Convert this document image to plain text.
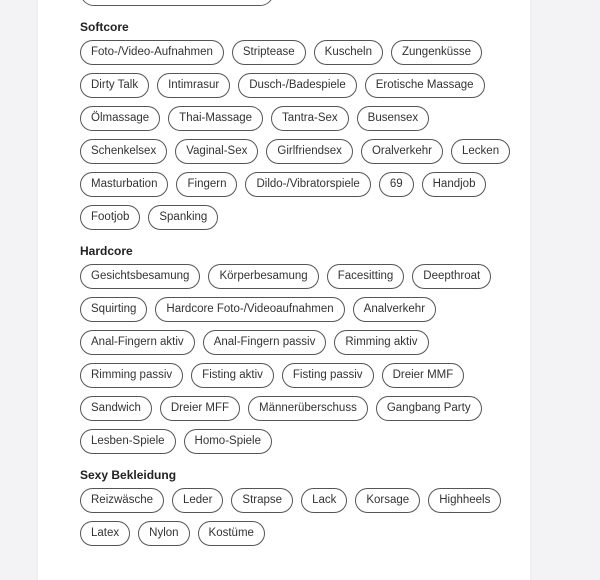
Softcore
Foto-/Video-Aufnahmen	Striptease	Kuscheln	Zungenküsse
Dirty Talk	Intimrasur	Dusch-/Badespiele	Erotische Massage
Ölmassage	Thai-Massage	Tantra-Sex	Busensex
Schenkelsex	Vaginal-Sex	Girlfriendsex	Oralverkehr	Lecken
Masturbation	Fingern	Dildo-/Vibratorspiele	69	Handjob
Footjob	Spanking
Hardcore
Gesichtsbesamung	Körperbesamung	Facesitting	Deepthroat
Squirting	Hardcore Foto-/Videoaufnahmen	Analverkehr
Anal-Fingern aktiv	Anal-Fingern passiv	Rimming aktiv
Rimming passiv	Fisting aktiv	Fisting passiv	Dreier MMF
Sandwich	Dreier MFF	Männerüberschuss	Gangbang Party
Lesben-Spiele	Homo-Spiele
Sexy Bekleidung
Reizwäsche	Leder	Strapse	Lack	Korsage	Highheels
Latex	Nylon	Kostüme
